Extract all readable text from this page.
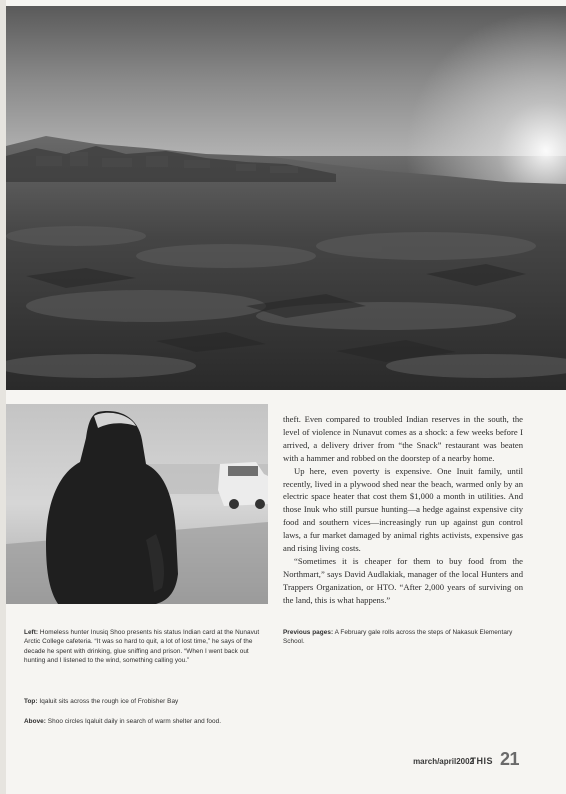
theft. Even compared to troubled Indian reserves in the south, the level of violence in Nunavut comes as a shock: a few weeks before I arrived, a delivery driver from “the Snack” restaurant was beaten with a hammer and robbed on the doorstep of a nearby home.

Up here, even poverty is expensive. One Inuit family, until recently, lived in a plywood shed near the beach, warmed only by an electric space heater that cost them $1,000 a month in utilities. And those Inuk who still pursue hunting—a hedge against expensive city food and southern vices—increasingly run up against gun control laws, a fur market damaged by animal rights activists, expensive gas and rising living costs.

“Sometimes it is cheaper for them to buy food from the Northmart,” says David Audlakiak, manager of the local Hunters and Trappers Organization, or HTO. “After 2,000 years of surviving on the land, this is what happens.”

Left: Homeless hunter Inusiq Shoo presents his status Indian card at the Nunavut Arctic College cafeteria. “It was so hard to quit, a lot of lost time,” he says of the decade he spent with drinking, glue sniffing and prison. “When I went back out hunting and I listened to the wind, something calling you.”
Top: Iqaluit sits across the rough ice of Frobisher Bay
Above: Shoo circles Iqaluit daily in search of warm shelter and food.
Previous pages: A February gale rolls across the steps of Nakasuk Elementary School.
march/april2002
THIS 21
